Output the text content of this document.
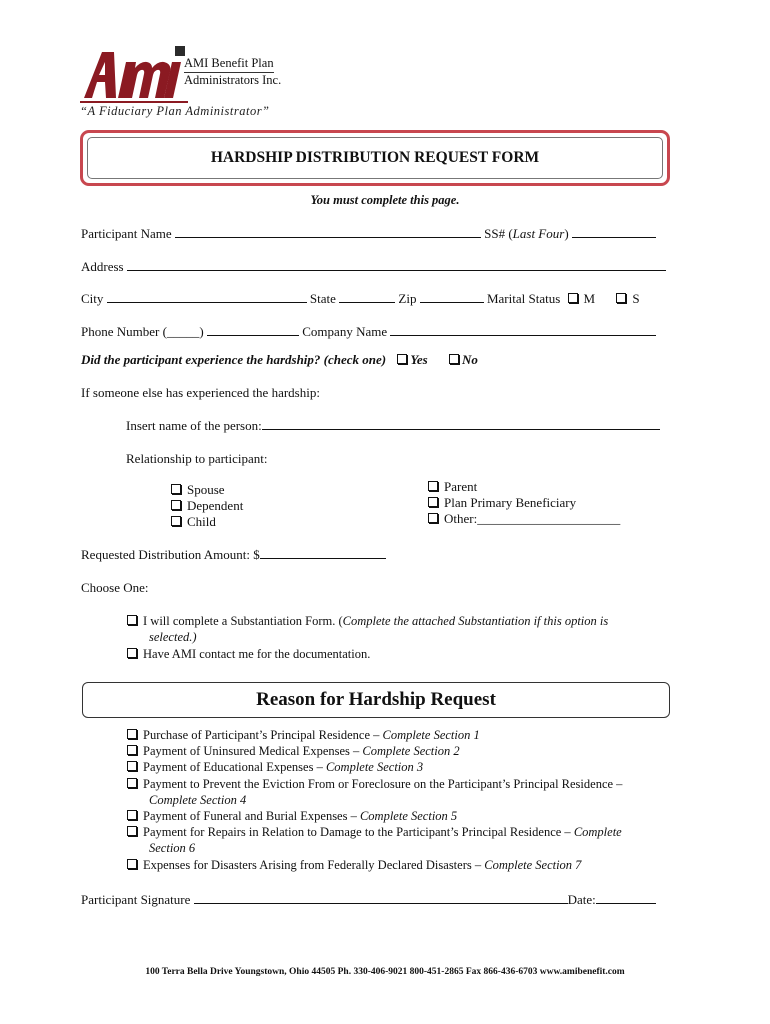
AMI Benefit Plan
Administrators Inc.
“A Fiduciary Plan Administrator”
HARDSHIP DISTRIBUTION REQUEST FORM
You must complete this page.
Participant Name	SS# (Last Four)
Address
City	State	Zip	Marital Status M	S
Phone Number (_____)	Company Name
Did the participant experience the hardship? (check one) Yes	No
If someone else has experienced the hardship:
Insert name of the person:
Relationship to participant:
Spouse
Dependent
Child
Parent
Plan Primary Beneficiary
Other:______________________
Requested Distribution Amount: $
Choose One:
I will complete a Substantiation Form. (Complete the attached Substantiation if this option is
selected.)
Have AMI contact me for the documentation.
Reason for Hardship Request
Purchase of Participant’s Principal Residence – Complete Section 1
Payment of Uninsured Medical Expenses – Complete Section 2
Payment of Educational Expenses – Complete Section 3
Payment to Prevent the Eviction From or Foreclosure on the Participant’s Principal Residence –
Complete Section 4
Payment of Funeral and Burial Expenses – Complete Section 5
Payment for Repairs in Relation to Damage to the Participant’s Principal Residence – Complete
Section 6
Expenses for Disasters Arising from Federally Declared Disasters – Complete Section 7
Participant Signature	Date:
100 Terra Bella Drive Youngstown, Ohio 44505 Ph. 330-406-9021 800-451-2865 Fax 866-436-6703 www.amibenefit.com
